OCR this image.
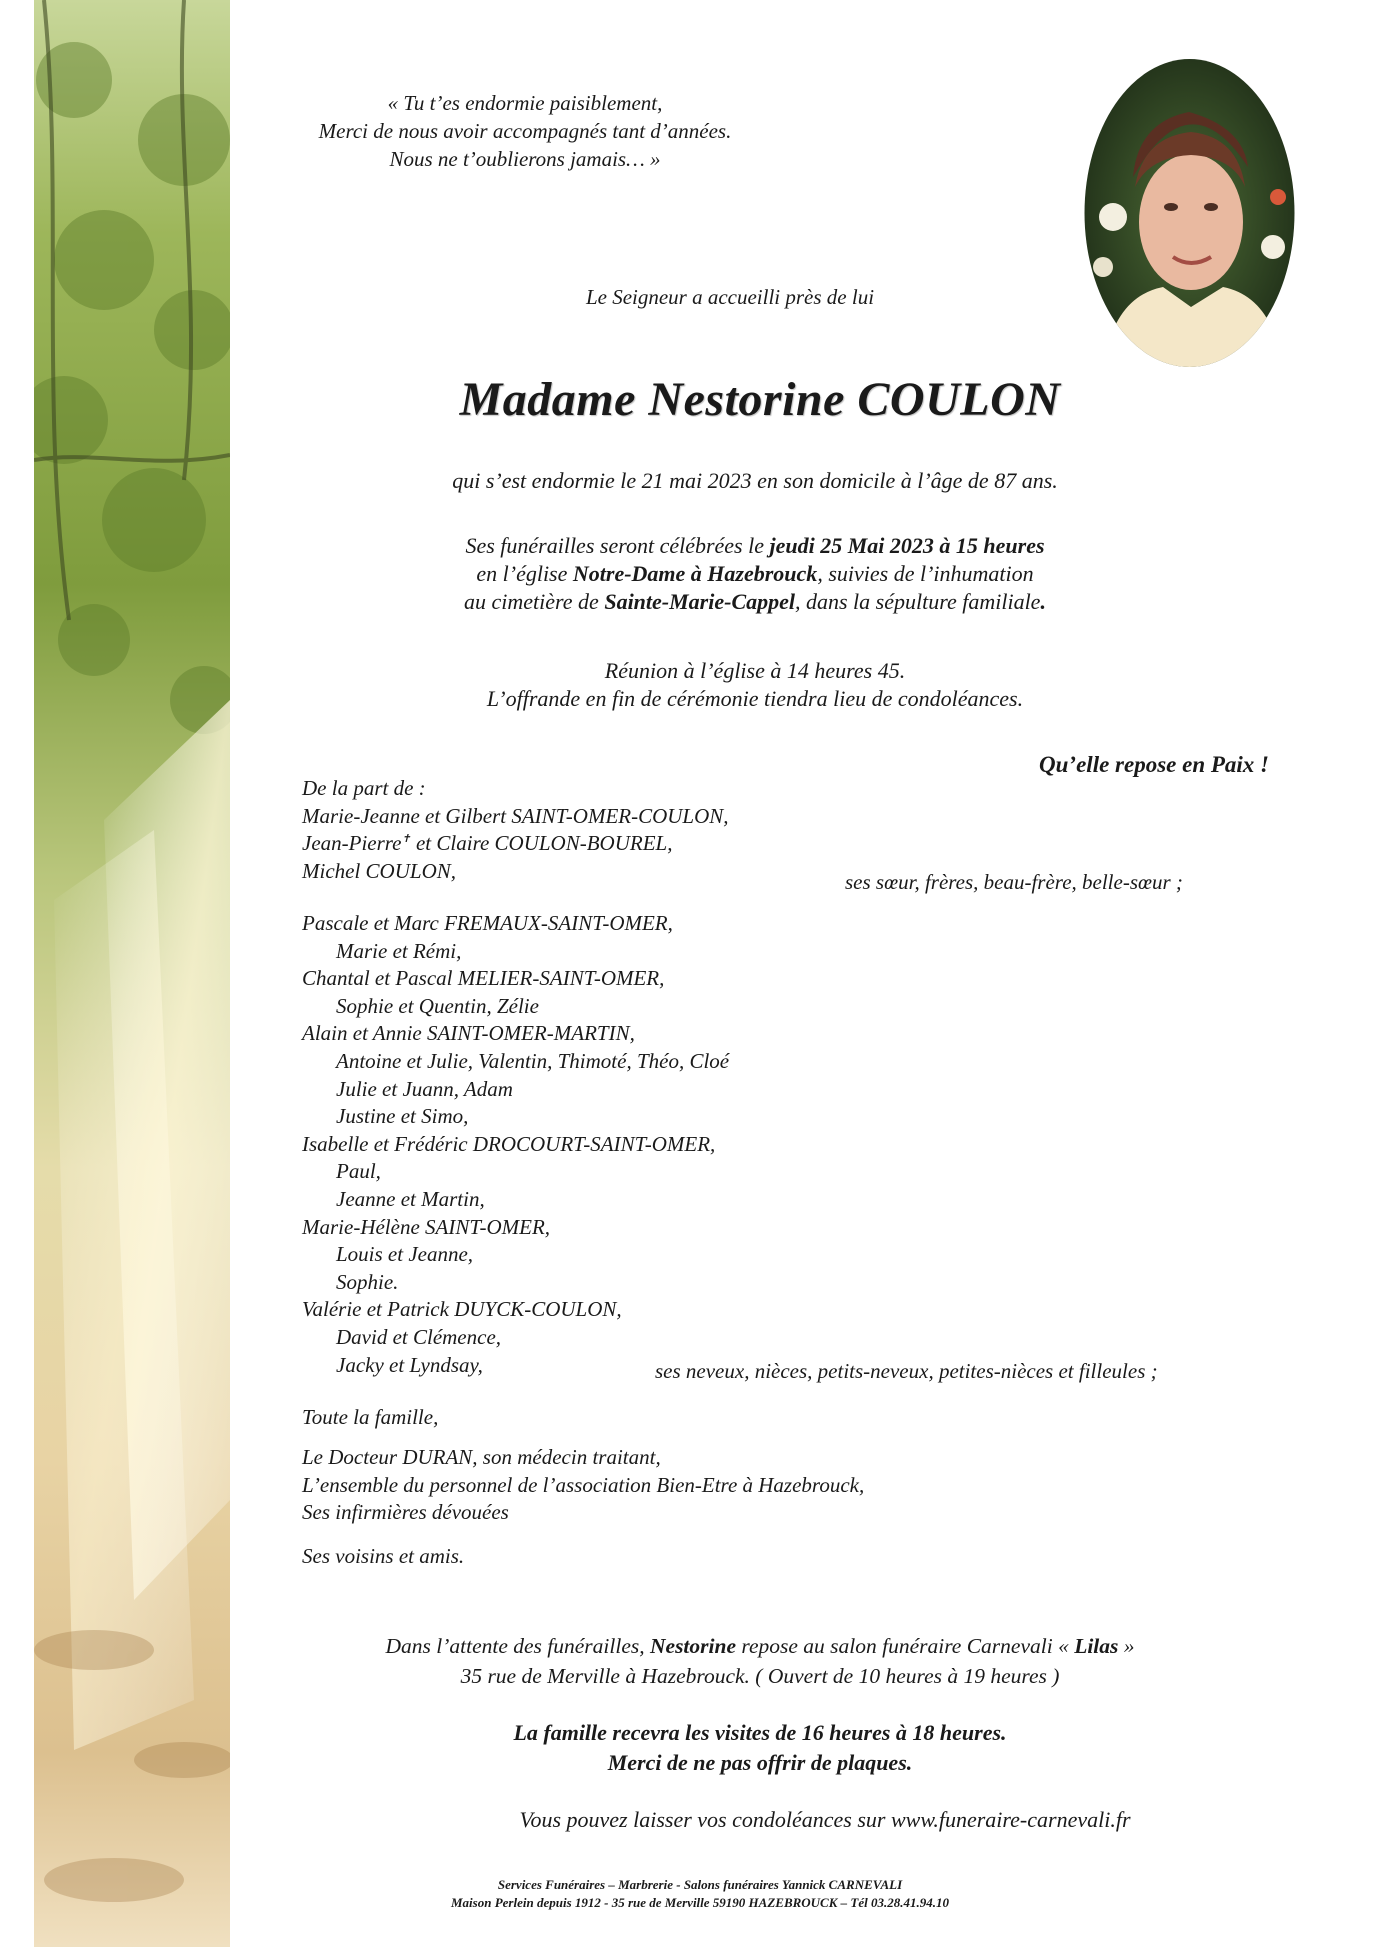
« Tu t’es endormie paisiblement,
Merci de nous avoir accompagnés tant d’années.
Nous ne t’oublierons jamais… »
Le Seigneur a accueilli près de lui
Madame Nestorine COULON
qui s’est endormie le 21 mai 2023 en son domicile à l’âge de 87 ans.
Ses funérailles seront célébrées le jeudi 25 Mai 2023 à 15 heures
en l’église Notre-Dame à Hazebrouck, suivies de l’inhumation
au cimetière de Sainte-Marie-Cappel, dans la sépulture familiale.
Réunion à l’église à 14 heures 45.
L’offrande en fin de cérémonie tiendra lieu de condoléances.
Qu’elle repose en Paix !
De la part de :
Marie-Jeanne et Gilbert SAINT-OMER-COULON,
Jean-Pierre✝ et Claire COULON-BOUREL,
Michel COULON,	ses sœur, frères, beau-frère, belle-sœur ;
Pascale et Marc FREMAUX-SAINT-OMER,
Marie et Rémi,
Chantal et Pascal MELIER-SAINT-OMER,
Sophie et Quentin, Zélie
Alain et Annie SAINT-OMER-MARTIN,
Antoine et Julie, Valentin, Thimoté, Théo, Cloé
Julie et Juann, Adam
Justine et Simo,
Isabelle et Frédéric DROCOURT-SAINT-OMER,
Paul,
Jeanne et Martin,
Marie-Hélène SAINT-OMER,
Louis et Jeanne,
Sophie.
Valérie et Patrick DUYCK-COULON,
David et Clémence,
Jacky et Lyndsay,	ses neveux, nièces, petits-neveux, petites-nièces et filleules ;
Toute la famille,
Le Docteur DURAN, son médecin traitant,
L’ensemble du personnel de l’association Bien-Etre à Hazebrouck,
Ses infirmières dévouées
Ses voisins et amis.
Dans l’attente des funérailles, Nestorine repose au salon funéraire Carnevali « Lilas »
35 rue de Merville à Hazebrouck. ( Ouvert de 10 heures à 19 heures )
La famille recevra les visites de 16 heures à 18 heures.
Merci de ne pas offrir de plaques.
Vous pouvez laisser vos condoléances sur www.funeraire-carnevali.fr
Services Funéraires – Marbrerie - Salons funéraires Yannick CARNEVALI
Maison Perlein depuis 1912 - 35 rue de Merville 59190 HAZEBROUCK – Tél 03.28.41.94.10
